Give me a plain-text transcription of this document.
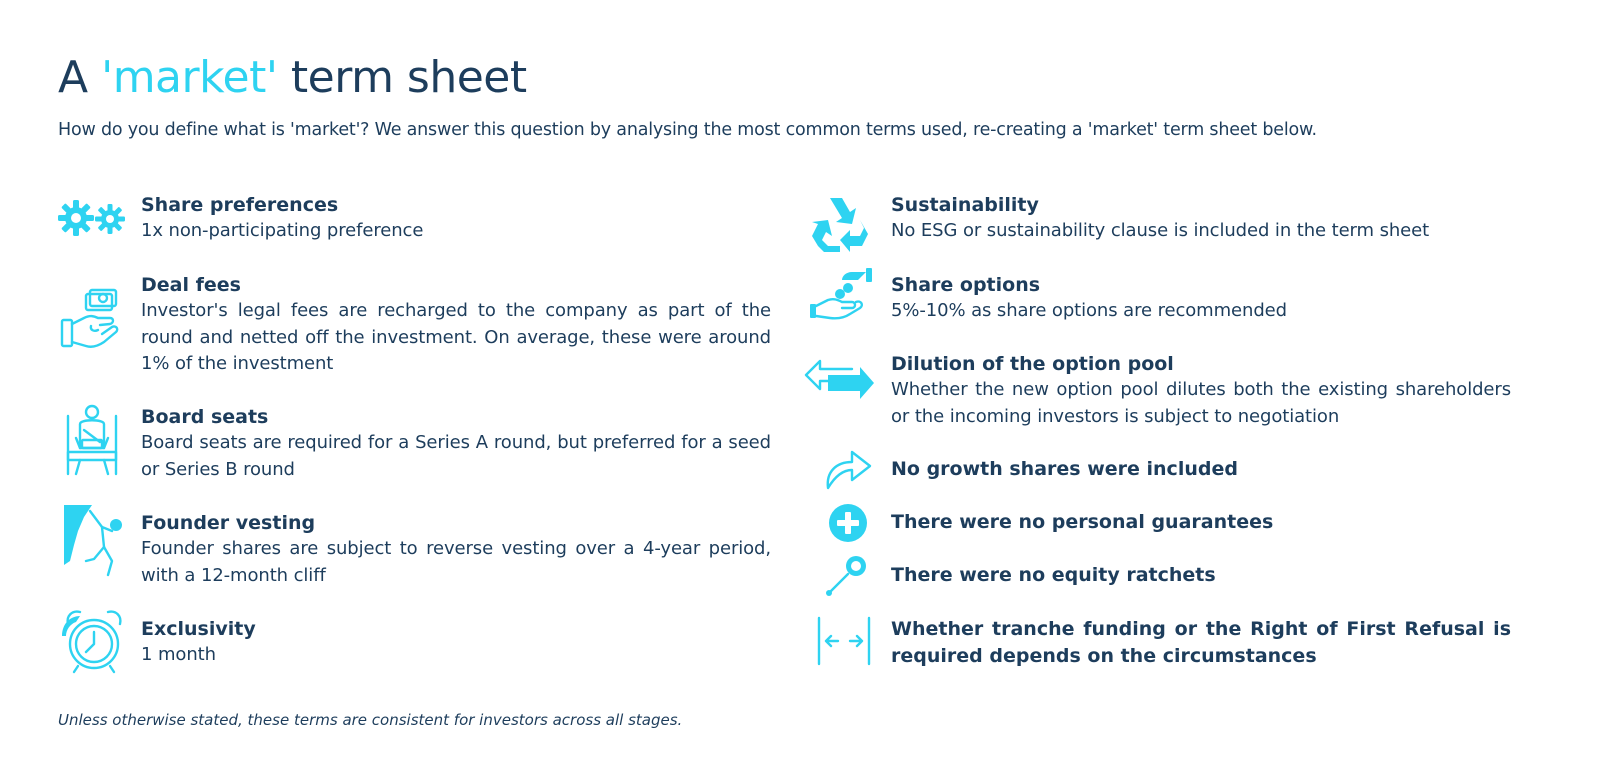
A 'market' term sheet
How do you define what is 'market'? We answer this question by analysing the most common terms used, re-creating a 'market' term sheet below.
Share preferences

1x non-participating preference

Deal fees

Investor's legal fees are recharged to the company as part of the round and netted off the investment. On average, these were around 1% of the investment

Board seats

Board seats are required for a Series A round, but preferred for a seed or Series B round

Founder vesting

Founder shares are subject to reverse vesting over a 4-year period, with a 12-month cliff

Exclusivity

1 month

Sustainability

No ESG or sustainability clause is included in the term sheet

Share options

5%-10% as share options are recommended

Dilution of the option pool

Whether the new option pool dilutes both the existing shareholders or the incoming investors is subject to negotiation

No growth shares were included
There were no personal guarantees
There were no equity ratchets
Whether tranche funding or the Right of First Refusal is required depends on the circumstances
Unless otherwise stated, these terms are consistent for investors across all stages.
